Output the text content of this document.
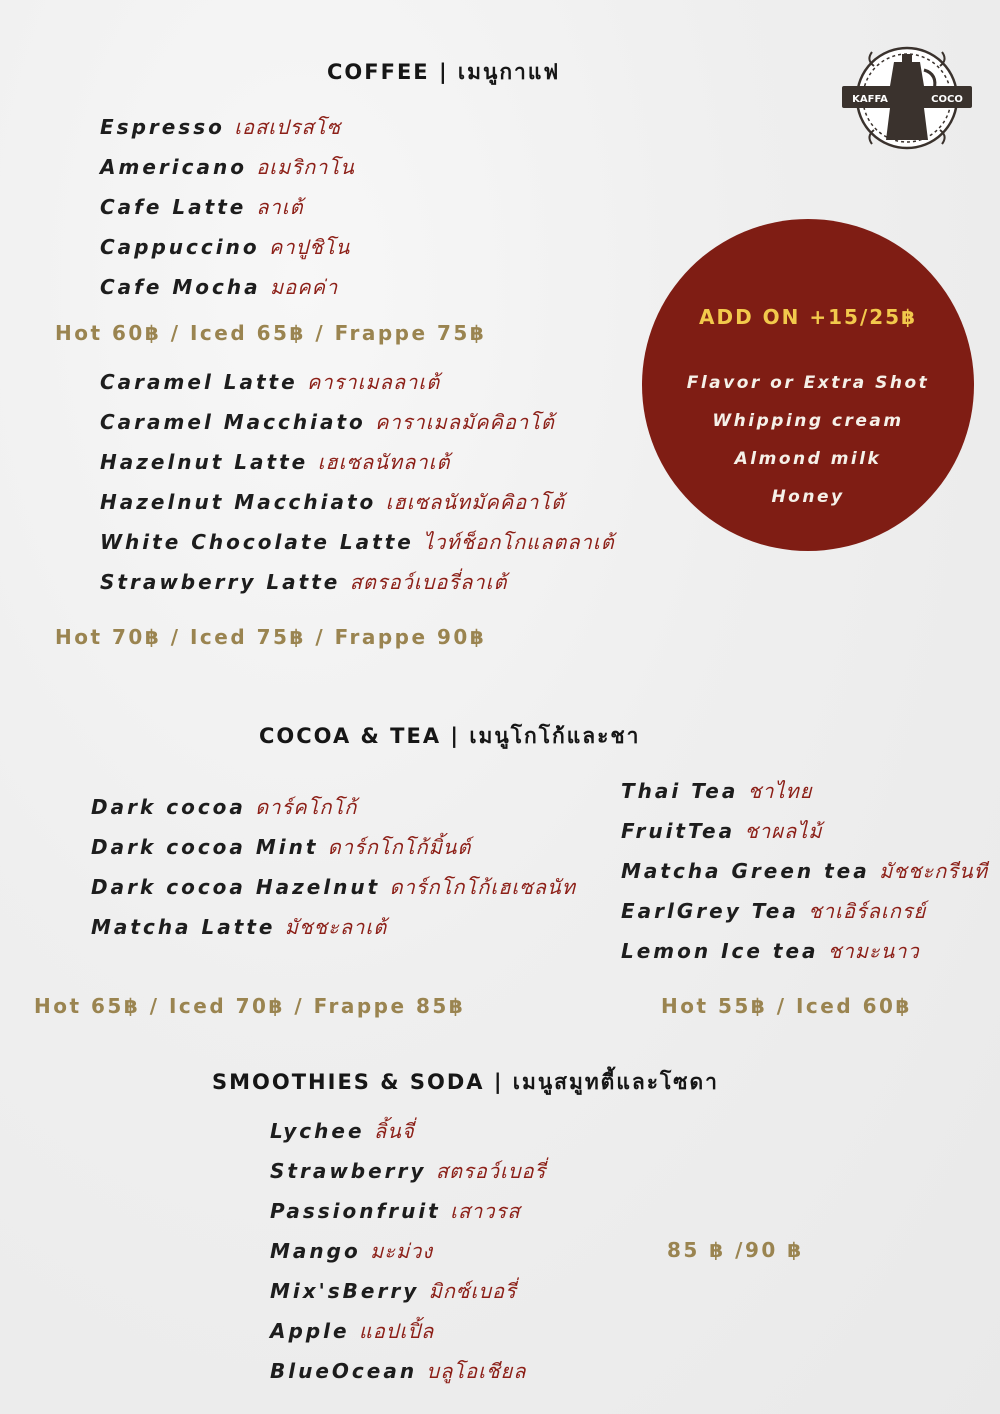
KAFFA	COCO
COFFEE | เมนูกาแฟ
Espresso เอสเปรสโซ
Americano อเมริกาโน
Cafe Latte ลาเต้
Cappuccino คาปูชิโน
Cafe Mocha มอคค่า
Hot 60฿ / Iced 65฿ / Frappe 75฿
Caramel Latte คาราเมลลาเต้
Caramel Macchiato คาราเมลมัคคิอาโต้
Hazelnut Latte เฮเซลนัทลาเต้
Hazelnut Macchiato เฮเซลนัทมัคคิอาโต้
White Chocolate Latte ไวท์ช็อกโกแลตลาเต้
Strawberry Latte สตรอว์เบอรี่ลาเต้
Hot 70฿ / Iced 75฿ / Frappe 90฿
ADD ON +15/25฿
Flavor or Extra Shot
Whipping cream
Almond milk
Honey
COCOA & TEA | เมนูโกโก้และชา
Dark cocoa ดาร์คโกโก้
Dark cocoa Mint ดาร์กโกโก้มิ้นต์
Dark cocoa Hazelnut ดาร์กโกโก้เฮเซลนัท
Matcha Latte มัชชะลาเต้
Hot 65฿ / Iced 70฿ / Frappe 85฿
Thai Tea ชาไทย
FruitTea ชาผลไม้
Matcha Green tea มัชชะกรีนที
EarlGrey Tea ชาเอิร์ลเกรย์
Lemon Ice tea ชามะนาว
Hot 55฿ / Iced 60฿
SMOOTHIES & SODA | เมนูสมูทตี้และโซดา
Lychee ลิ้นจี่
Strawberry สตรอว์เบอรี่
Passionfruit เสาวรส
Mango มะม่วง
Mix'sBerry มิกซ์เบอรี่
Apple แอปเปิ้ล
BlueOcean บลูโอเชียล
85 ฿ /90 ฿
